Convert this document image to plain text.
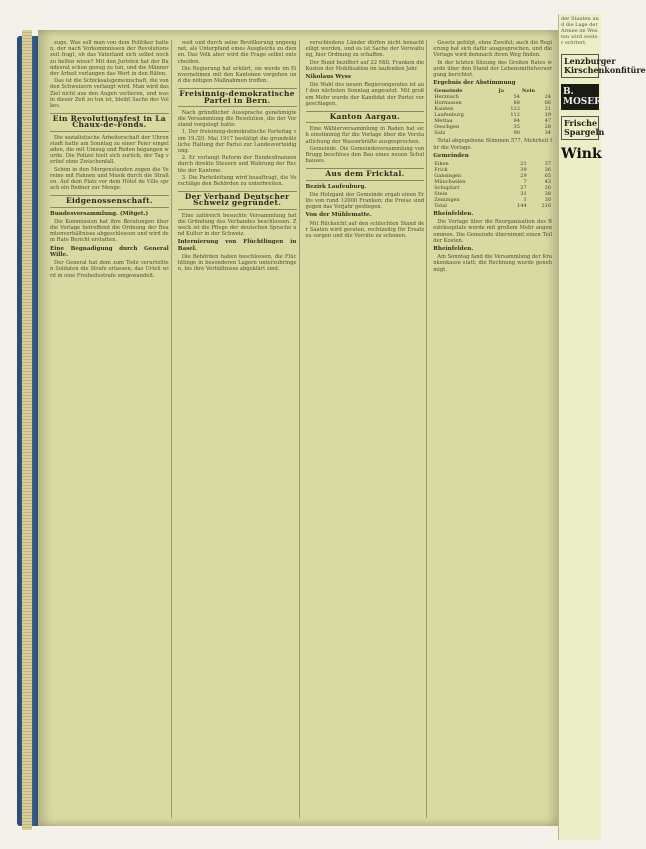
zuge. Was soll man von dem Politiker halten, der nach Vorkommnissen der Revolutionszeit fragt, ob das Vaterland sich selbst noch zu helfen wisse? Mit den Juristen hat der Bundesrat schon genug zu tun, und die Männer der Arbeit verlangen das Wort in den Räten.

Das ist die Schicksalsgemeinschaft, die von den Schweizern verlangt wird. Man wird das Ziel nicht aus den Augen verlieren, und was in dieser Zeit zu tun ist, bleibt Sache des Volkes.

Ein Revolutionsfest in La Chaux-de-Fonds.

Die sozialistische Arbeiterschaft der Uhrenstadt hatte am Sonntag zu einer Feier eingeladen, die mit Umzug und Reden begangen wurde. Die Polizei hielt sich zurück; der Tag verlief ohne Zwischenfall.

Schon in den Morgenstunden zogen die Vereine mit Fahnen und Musik durch die Straßen. Auf dem Platz vor dem Hôtel de Ville sprach ein Redner zur Menge.

Eidgenossenschaft.
Bundesversammlung. (Mitget.)

Die Kommission hat ihre Beratungen über die Vorlage betreffend die Ordnung der Beamtenverhältnisse abgeschlossen und wird dem Rate Bericht erstatten.

Eine Begnadigung durch General Wille.

Der General hat dem zum Tode verurteilten Soldaten die Strafe erlassen; das Urteil wird in eine Freiheitsstrafe umgewandelt.

weit und durch seine Bevölkerung ungeeignet, als Unterpfand eines Ausgleichs zu dienen. Das Volk aber wird die Frage selbst entscheiden.

Die Regierung hat erklärt, sie werde im Einvernehmen mit den Kantonen vorgehen und die nötigen Maßnahmen treffen.

Freisinnig-demokratische Partei in Bern.

Nach gründlicher Aussprache genehmigte die Versammlung die Resolution, die der Vorstand vorgelegt hatte:

1. Der freisinnig-demokratische Parteitag vom 19./20. Mai 1917 bestätigt die grundsätzliche Haltung der Partei zur Landesverteidigung.

2. Er verlangt Reform der Bundesfinanzen durch direkte Steuern und Wahrung der Rechte der Kantone.

3. Die Parteileitung wird beauftragt, die Vorschläge den Behörden zu unterbreiten.

Der Verband Deutscher Schweiz gegründet.

Eine zahlreich besuchte Versammlung hat die Gründung des Verbandes beschlossen. Zweck ist die Pflege der deutschen Sprache und Kultur in der Schweiz.

Internierung von Flüchtlingen in Basel.

Die Behörden haben beschlossen, die Flüchtlinge in besonderen Lagern unterzubringen, bis ihre Verhältnisse abgeklärt sind.

verschiedene Länder dürfen nicht benachteiligt werden, und es ist Sache der Verwaltung, hier Ordnung zu schaffen.

Der Bund beziffert auf 22 Mill. Franken die Kosten der Mobilisation im laufenden Jahr.

Nikolaus Wyss

Die Wahl des neuen Regierungsrates ist auf den nächsten Sonntag angesetzt. Mit großem Mehr wurde der Kandidat der Partei vorgeschlagen.

Kanton Aargau.

Eine Wählerversammlung in Baden hat sich einstimmig für die Vorlage über die Verstaatlichung der Wasserkräfte ausgesprochen.

Gemeinde. Die Gemeindeversammlung von Brugg beschloss den Bau eines neuen Schulhauses.

Aus dem Fricktal.
Bezirk Laufenburg.

Die Holzgant der Gemeinde ergab einen Erlös von rund 12000 Franken; die Preise sind gegen das Vorjahr gestiegen.

Von der Mühlematte.

Mit Rücksicht auf den schlechten Stand der Saaten wird geraten, rechtzeitig für Ersatz zu sorgen und die Vorräte zu schonen.

Gesetz gefolgt, ohne Zweifel; auch die Regierung hat sich dafür ausgesprochen, und die Vorlage wird demnach ihren Weg finden.

In der letzten Sitzung des Großen Rates wurde über den Stand der Lebensmittelversorgung berichtet.

Ergebnis der Abstimmung
Gemeinde	Ja	Nein
Herznach	54	24
Hornussen	88	66
Kaisten	123	21
Laufenburg	112	19
Mettau	94	47
Oeschgen	35	28
Sulz	90	34

Total abgegebene Stimmen 577, Mehrheit für die Vorlage.

Gemeinden
Eiken	21	37
Frick	39	36
Gansingen	29	65
Münchwilen	7	43
Schupfart	27	30
Stein	31	38
Zeiningen	1	30
Total	144	216
Rheinfelden.

Die Vorlage über die Reorganisation des Bezirksspitals wurde mit großem Mehr angenommen. Die Gemeinde übernimmt einen Teil der Kosten.

Rheinfelden.

Am Sonntag fand die Versammlung der Krankenkasse statt; die Rechnung wurde genehmigt.

der Staaten und die Lage der Armee im Westen wird weiter erörtert.
Lenzburger Kirschenkonfitüre
B. MOSER
Frische Spargeln
Wink
